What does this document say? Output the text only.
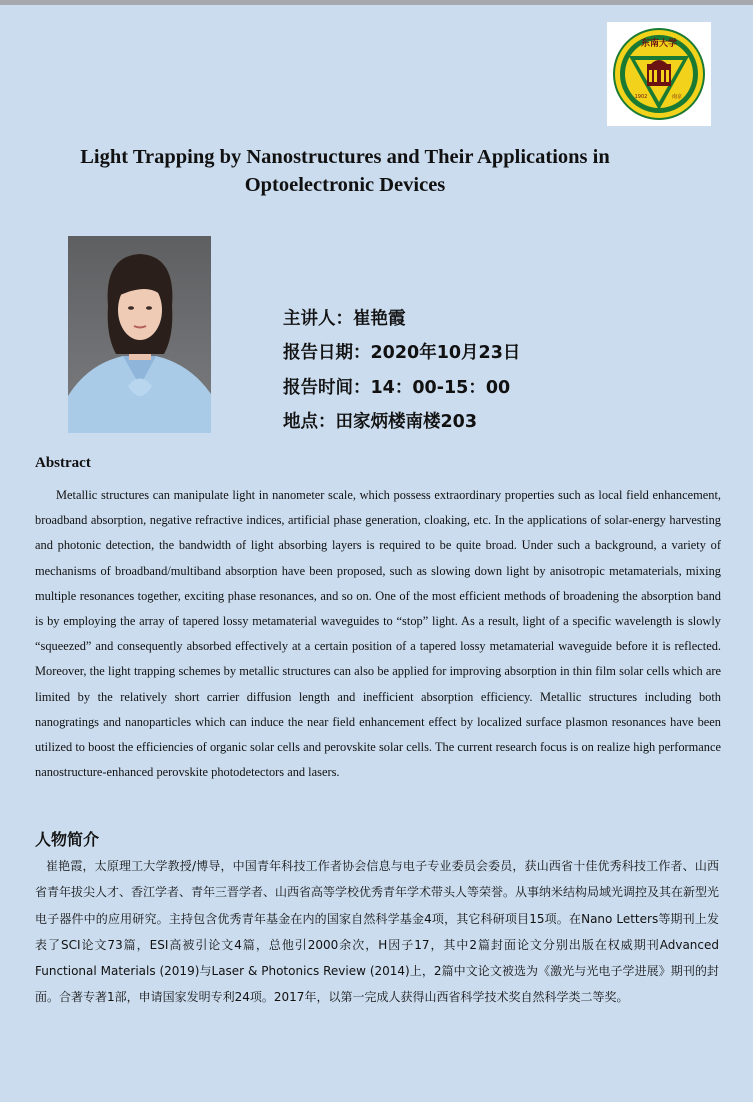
东南大学
1902	南京
Light Trapping by Nanostructures and Their Applications in
Optoelectronic Devices
主讲人：崔艳霞
报告日期：2020年10月23日
报告时间：14：00-15：00
地点：田家炳楼南楼203
Abstract

Metallic structures can manipulate light in nanometer scale, which possess extraordinary properties such as local field enhancement, broadband absorption, negative refractive indices, artificial phase generation, cloaking, etc. In the applications of solar-energy harvesting and photonic detection, the bandwidth of light absorbing layers is required to be quite broad. Under such a background, a variety of mechanisms of broadband/multiband absorption have been proposed, such as slowing down light by anisotropic metamaterials, mixing multiple resonances together, exciting phase resonances, and so on. One of the most efficient methods of broadening the absorption band is by employing the array of tapered lossy metamaterial waveguides to “stop” light. As a result, light of a specific wavelength is slowly “squeezed” and consequently absorbed effectively at a certain position of a tapered lossy metamaterial waveguide before it is reflected. Moreover, the light trapping schemes by metallic structures can also be applied for improving absorption in thin film solar cells which are limited by the relatively short carrier diffusion length and inefficient absorption efficiency. Metallic structures including both nanogratings and nanoparticles which can induce the near field enhancement effect by localized surface plasmon resonances have been utilized to boost the efficiencies of organic solar cells and perovskite solar cells. The current research focus is on realize high performance nanostructure-enhanced perovskite photodetectors and lasers.

人物简介

崔艳霞，太原理工大学教授/博导，中国青年科技工作者协会信息与电子专业委员会委员，获山西省十佳优秀科技工作者、山西省青年拔尖人才、香江学者、青年三晋学者、山西省高等学校优秀青年学术带头人等荣誉。从事纳米结构局域光调控及其在新型光电子器件中的应用研究。主持包含优秀青年基金在内的国家自然科学基金4项，其它科研项目15项。在Nano Letters等期刊上发表了SCI论文73篇，ESI高被引论文4篇，总他引2000余次，H因子17，其中2篇封面论文分别出版在权威期刊Advanced Functional Materials (2019)与Laser & Photonics Review (2014)上，2篇中文论文被选为《激光与光电子学进展》期刊的封面。合著专著1部，申请国家发明专利24项。2017年，以第一完成人获得山西省科学技术奖自然科学类二等奖。
